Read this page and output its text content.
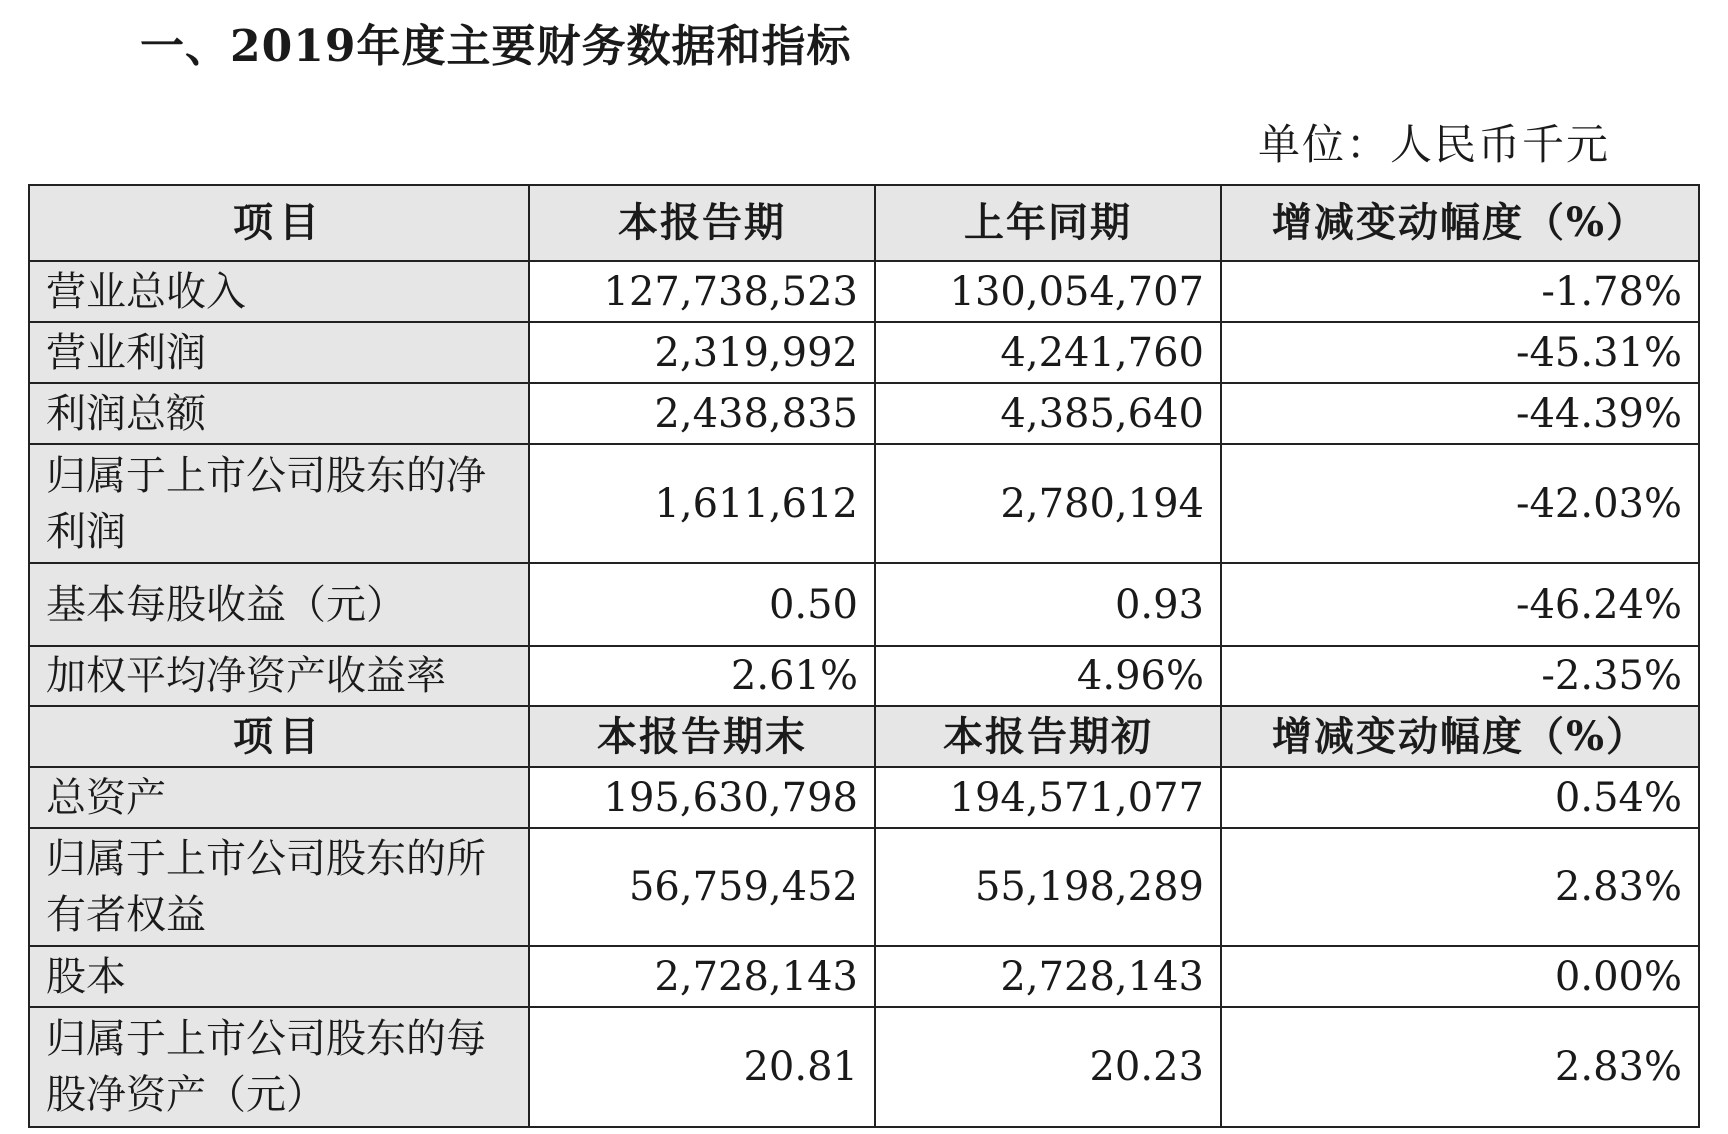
一、2019年度主要财务数据和指标
单位：人民币千元
项目	本报告期	上年同期	增减变动幅度（%）
营业总收入	127,738,523	130,054,707	-1.78%
营业利润	2,319,992	4,241,760	-45.31%
利润总额	2,438,835	4,385,640	-44.39%
归属于上市公司股东的净利润	1,611,612	2,780,194	-42.03%
基本每股收益（元）	0.50	0.93	-46.24%
加权平均净资产收益率	2.61%	4.96%	-2.35%
项目	本报告期末	本报告期初	增减变动幅度（%）
总资产	195,630,798	194,571,077	0.54%
归属于上市公司股东的所有者权益	56,759,452	55,198,289	2.83%
股本	2,728,143	2,728,143	0.00%
归属于上市公司股东的每股净资产（元）	20.81	20.23	2.83%
